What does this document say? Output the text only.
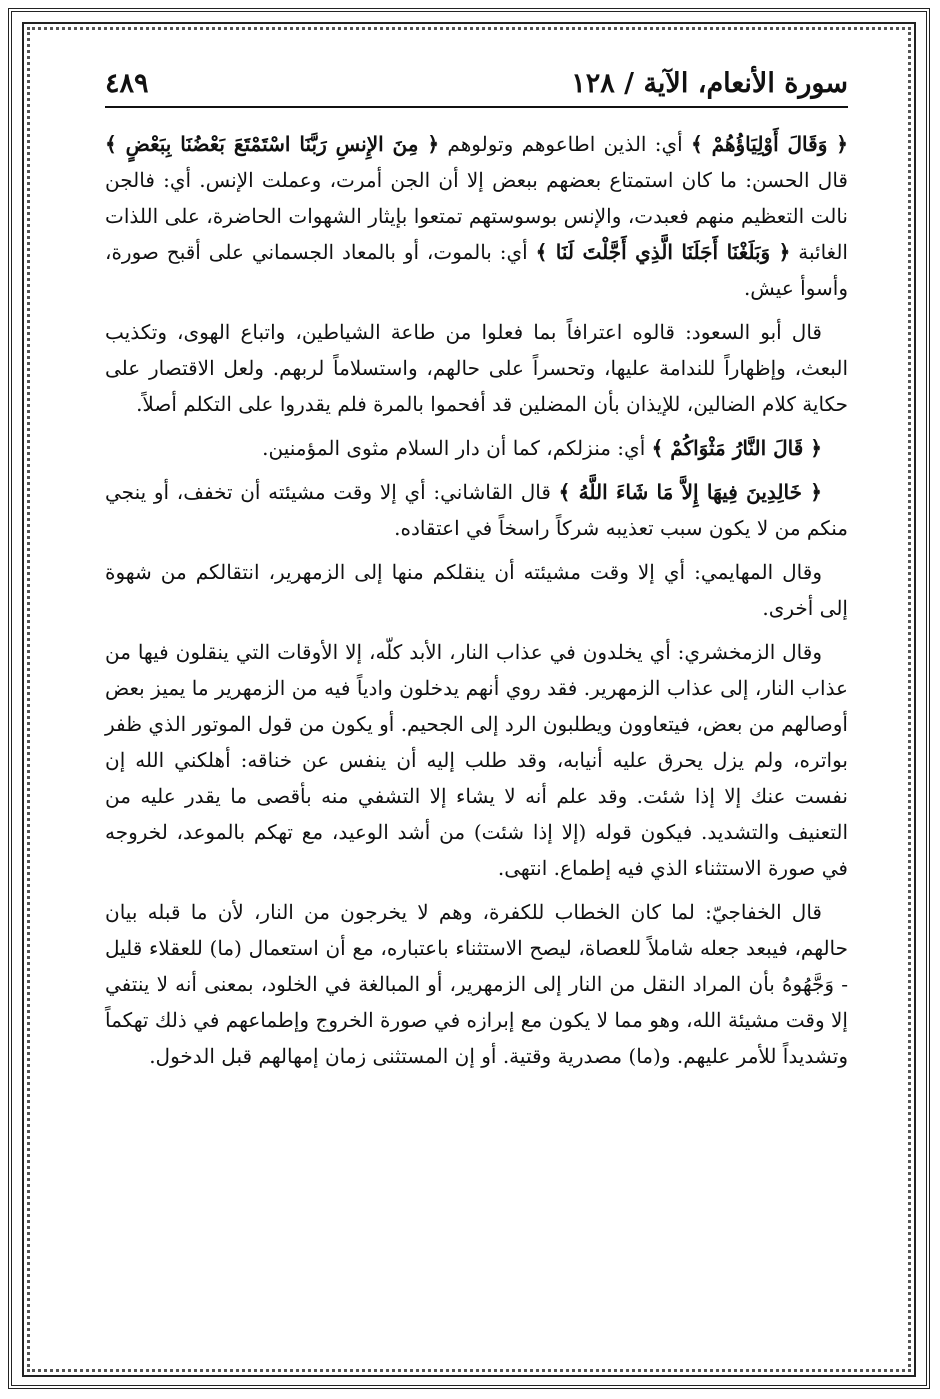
سورة الأنعام، الآية / ١٢٨
٤٨٩

﴿ وَقَالَ أَوْلِيَاؤُهُمْ ﴾ أي: الذين اطاعوهم وتولوهم ﴿ مِنَ الإِنسِ رَبَّنَا اسْتَمْتَعَ بَعْضُنَا بِبَعْضٍ ﴾ قال الحسن: ما كان استمتاع بعضهم ببعض إلا أن الجن أمرت، وعملت الإنس. أي: فالجن نالت التعظيم منهم فعبدت، والإنس بوسوستهم تمتعوا بإيثار الشهوات الحاضرة، على اللذات الغائبة ﴿ وَبَلَغْنَا أَجَلَنَا الَّذِي أَجَّلْتَ لَنَا ﴾ أي: بالموت، أو بالمعاد الجسماني على أقبح صورة، وأسوأ عيش.

قال أبو السعود: قالوه اعترافاً بما فعلوا من طاعة الشياطين، واتباع الهوى، وتكذيب البعث، وإظهاراً للندامة عليها، وتحسراً على حالهم، واستسلاماً لربهم. ولعل الاقتصار على حكاية كلام الضالين، للإيذان بأن المضلين قد أفحموا بالمرة فلم يقدروا على التكلم أصلاً.

﴿ قَالَ النَّارُ مَثْوَاكُمْ ﴾ أي: منزلكم، كما أن دار السلام مثوى المؤمنين.

﴿ خَالِدِينَ فِيهَا إِلاَّ مَا شَاءَ اللَّهُ ﴾ قال القاشاني: أي إلا وقت مشيئته أن تخفف، أو ينجي منكم من لا يكون سبب تعذيبه شركاً راسخاً في اعتقاده.

وقال المهايمي: أي إلا وقت مشيئته أن ينقلكم منها إلى الزمهرير، انتقالكم من شهوة إلى أخرى.

وقال الزمخشري: أي يخلدون في عذاب النار، الأبد كلّه، إلا الأوقات التي ينقلون فيها من عذاب النار، إلى عذاب الزمهرير. فقد روي أنهم يدخلون وادياً فيه من الزمهرير ما يميز بعض أوصالهم من بعض، فيتعاوون ويطلبون الرد إلى الجحيم. أو يكون من قول الموتور الذي ظفر بواتره، ولم يزل يحرق عليه أنيابه، وقد طلب إليه أن ينفس عن خناقه: أهلكني الله إن نفست عنك إلا إذا شئت. وقد علم أنه لا يشاء إلا التشفي منه بأقصى ما يقدر عليه من التعنيف والتشديد. فيكون قوله (إلا إذا شئت) من أشد الوعيد، مع تهكم بالموعد، لخروجه في صورة الاستثناء الذي فيه إطماع. انتهى.

قال الخفاجيّ: لما كان الخطاب للكفرة، وهم لا يخرجون من النار، لأن ما قبله بيان حالهم، فيبعد جعله شاملاً للعصاة، ليصح الاستثناء باعتباره، مع أن استعمال (ما) للعقلاء قليل - وَجَّهُوهُ بأن المراد النقل من النار إلى الزمهرير، أو المبالغة في الخلود، بمعنى أنه لا ينتفي إلا وقت مشيئة الله، وهو مما لا يكون مع إبرازه في صورة الخروج وإطماعهم في ذلك تهكماً وتشديداً للأمر عليهم. و(ما) مصدرية وقتية. أو إن المستثنى زمان إمهالهم قبل الدخول.
